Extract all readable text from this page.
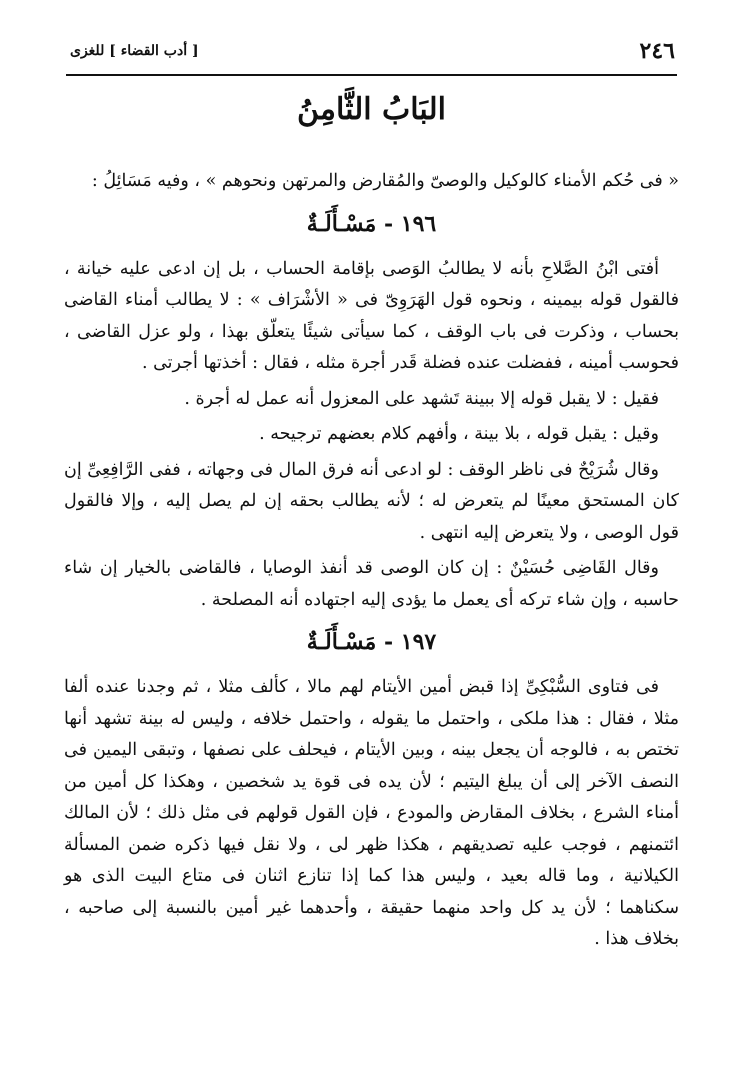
٢٤٦
[ أدب القضاء ] للغزى
البَابُ الثَّامِنُ

« فى حُكم الأمناء كالوكيل والوصىّ والمُقارض والمرتهن ونحوهم » ، وفيه مَسَائِلُ :

١٩٦ - مَسْـأَلَـةٌ

أفتى ابْنُ الصَّلاحِ بأنه لا يطالبُ الوَصى بإقامة الحساب ، بل إن ادعى عليه خيانة ، فالقول قوله بيمينه ، ونحوه قول الهَرَوِىّ فى « الأشْرَاف » : لا يطالب أمناء القاضى بحساب ، وذكرت فى باب الوقف ، كما سيأتى شيئًا يتعلّق بهذا ، ولو عزل القاضى ، فحوسب أمينه ، ففضلت عنده فضلة قَدر أجرة مثله ، فقال : أخذتها أجرتى .

فقيل : لا يقبل قوله إلا ببينة تَشهد على المعزول أنه عمل له أجرة .

وقيل : يقبل قوله ، بلا بينة ، وأفهم كلام بعضهم ترجيحه .

وقال شُرَيْحٌ فى ناظر الوقف : لو ادعى أنه فرق المال فى وجهاته ، ففى الرَّافِعِىِّ إن كان المستحق معينًا لم يتعرض له ؛ لأنه يطالب بحقه إن لم يصل إليه ، وإلا فالقول قول الوصى ، ولا يتعرض إليه انتهى .

وقال القَاضِى حُسَيْنٌ : إن كان الوصى قد أنفذ الوصايا ، فالقاضى بالخيار إن شاء حاسبه ، وإن شاء تركه أى يعمل ما يؤدى إليه اجتهاده أنه المصلحة .

١٩٧ - مَسْـأَلَـةٌ

فى فتاوى السُّبْكِىِّ إذا قبض أمين الأيتام لهم مالا ، كألف مثلا ، ثم وجدنا عنده ألفا مثلا ، فقال : هذا ملكى ، واحتمل ما يقوله ، واحتمل خلافه ، وليس له بينة تشهد أنها تختص به ، فالوجه أن يجعل بينه ، وبين الأيتام ، فيحلف على نصفها ، وتبقى اليمين فى النصف الآخر إلى أن يبلغ اليتيم ؛ لأن يده فى قوة يد شخصين ، وهكذا كل أمين من أمناء الشرع ، بخلاف المقارض والمودع ، فإن القول قولهم فى مثل ذلك ؛ لأن المالك ائتمنهم ، فوجب عليه تصديقهم ، هكذا ظهر لى ، ولا نقل فيها ذكره ضمن المسألة الكيلانية ، وما قاله بعيد ، وليس هذا كما إذا تنازع اثنان فى متاع البيت الذى هو سكناهما ؛ لأن يد كل واحد منهما حقيقة ، وأحدهما غير أمين بالنسبة إلى صاحبه ، بخلاف هذا .
